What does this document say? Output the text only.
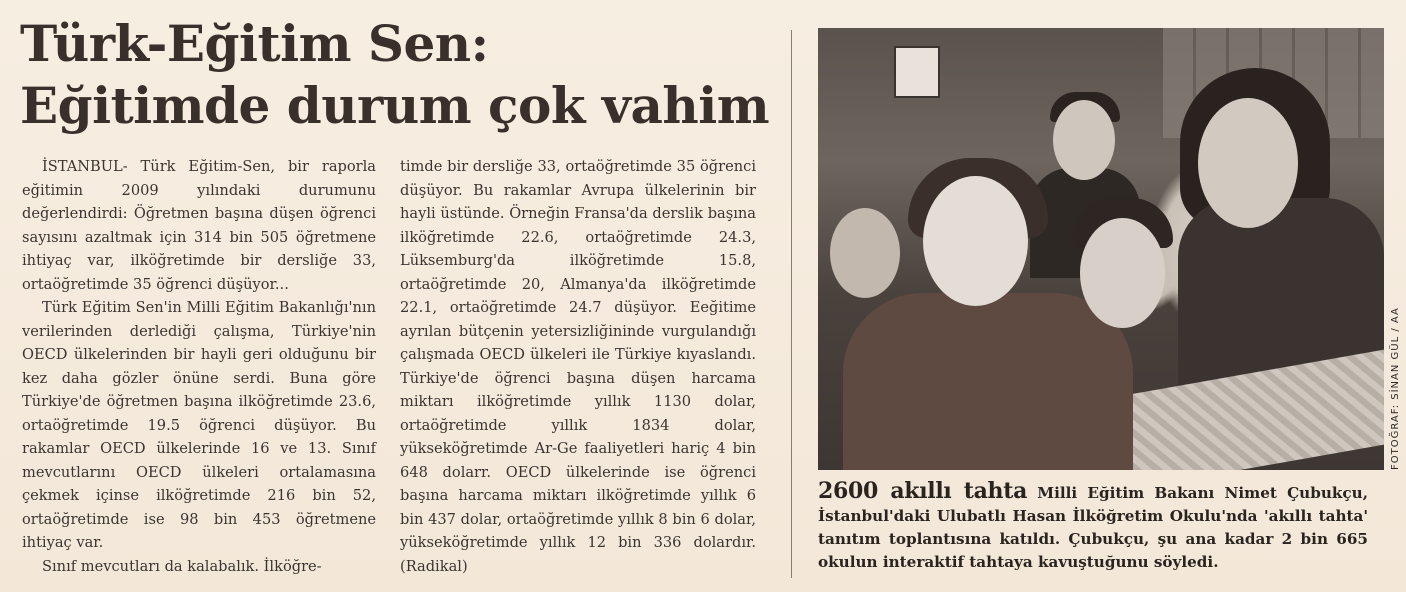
Türk-Eğitim Sen:
Eğitimde durum çok vahim

İSTANBUL- Türk Eğitim-Sen, bir raporla eğitimin 2009 yılındaki durumunu değerlendirdi: Öğretmen başına düşen öğrenci sayısını azaltmak için 314 bin 505 öğretmene ihtiyaç var, ilköğretimde bir dersliğe 33, ortaöğretimde 35 öğrenci düşüyor...

Türk Eğitim Sen'in Milli Eğitim Bakanlığı'nın verilerinden derlediği çalışma, Türkiye'nin OECD ülkelerinden bir hayli geri olduğunu bir kez daha gözler önüne serdi. Buna göre Türkiye'de öğretmen başına ilköğretimde 23.6, ortaöğretimde 19.5 öğrenci düşüyor. Bu rakamlar OECD ülkelerinde 16 ve 13. Sınıf mevcutlarını OECD ülkeleri ortalamasına çekmek içinse ilköğretimde 216 bin 52, ortaöğretimde ise 98 bin 453 öğretmene ihtiyaç var.

Sınıf mevcutları da kalabalık. İlköğre-

timde bir dersliğe 33, ortaöğretimde 35 öğrenci düşüyor. Bu rakamlar Avrupa ülkelerinin bir hayli üstünde. Örneğin Fransa'da derslik başına ilköğretimde 22.6, ortaöğretimde 24.3, Lüksemburg'da ilköğretimde 15.8, ortaöğretimde 20, Almanya'da ilköğretimde 22.1, ortaöğretimde 24.7 düşüyor. Eeğitime ayrılan bütçenin yetersizliğininde vurgulandığı çalışmada OECD ülkeleri ile Türkiye kıyaslandı. Türkiye'de öğrenci başına düşen harcama miktarı ilköğretimde yıllık 1130 dolar, ortaöğretimde yıllık 1834 dolar, yükseköğretimde Ar-Ge faaliyetleri hariç 4 bin 648 dolarr. OECD ülkelerinde ise öğrenci başına harcama miktarı ilköğretimde yıllık 6 bin 437 dolar, ortaöğretimde yıllık 8 bin 6 dolar, yükseköğretimde yıllık 12 bin 336 dolardır.(Radikal)

FOTOĞRAF: SİNAN GÜL / AA

2600 akıllı tahta Milli Eğitim Bakanı Nimet Çubukçu, İstanbul'daki Ulubatlı Hasan İlköğretim Okulu'nda 'akıllı tahta' tanıtım toplantısına katıldı. Çubukçu, şu ana kadar 2 bin 665 okulun interaktif tahtaya kavuştuğunu söyledi.
